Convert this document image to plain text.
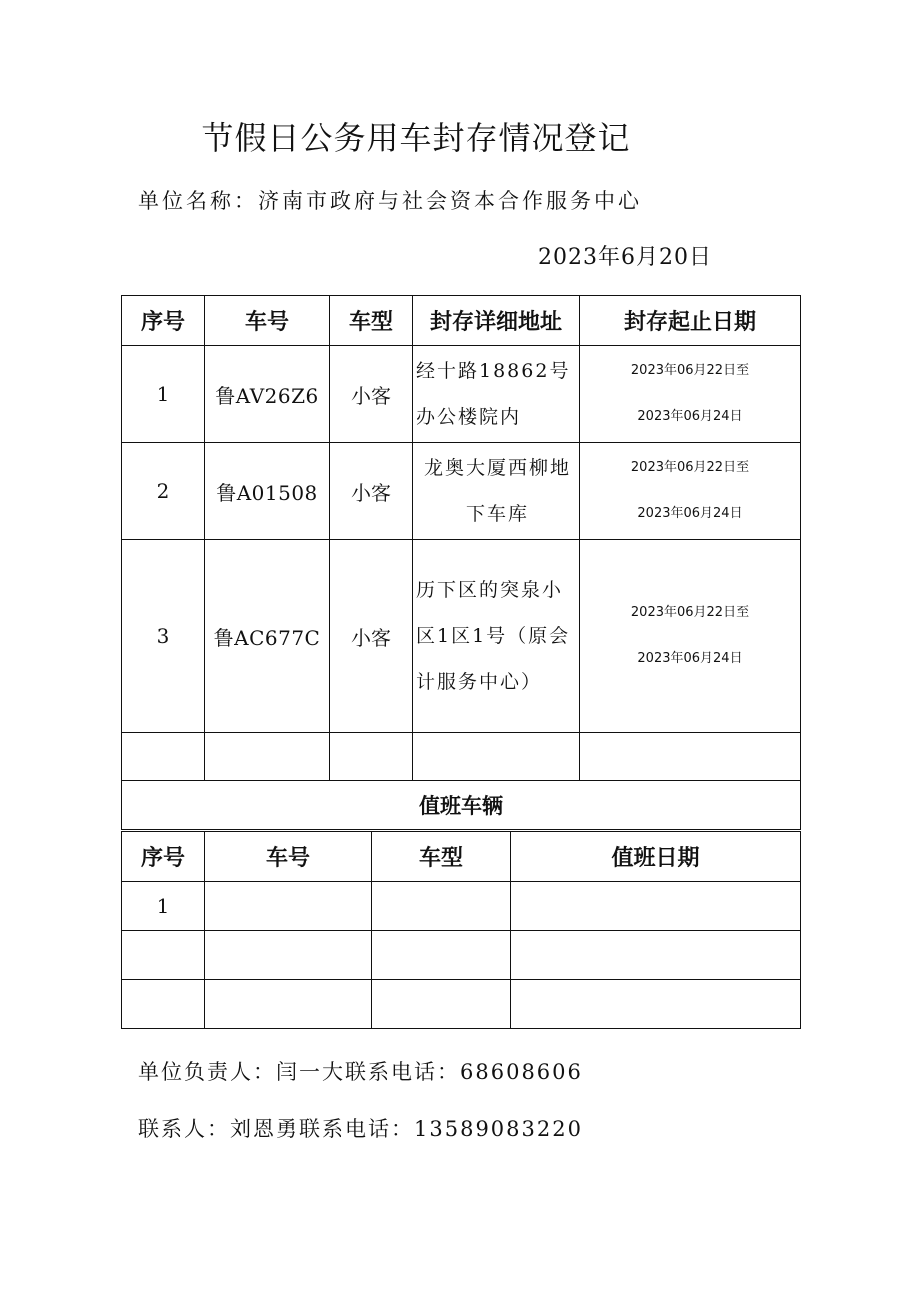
节假日公务用车封存情况登记
单位名称：济南市政府与社会资本合作服务中心
2023年6月20日
序号	车号	车型	封存详细地址	封存起止日期
1	鲁AV26Z6	小客	经十路18862号办公楼院内	2023年06月22日至
2023年06月24日

2	鲁A01508	小客	龙奥大厦西柳地下车库	2023年06月22日至
2023年06月24日

3	鲁AC677C	小客	历下区的突泉小区1区1号（原会计服务中心）	2023年06月22日至
2023年06月24日

值班车辆				
序号	车号	车型	值班日期
1			

单位负责人：闫一大联系电话：68608606
联系人：刘恩勇联系电话：13589083220
